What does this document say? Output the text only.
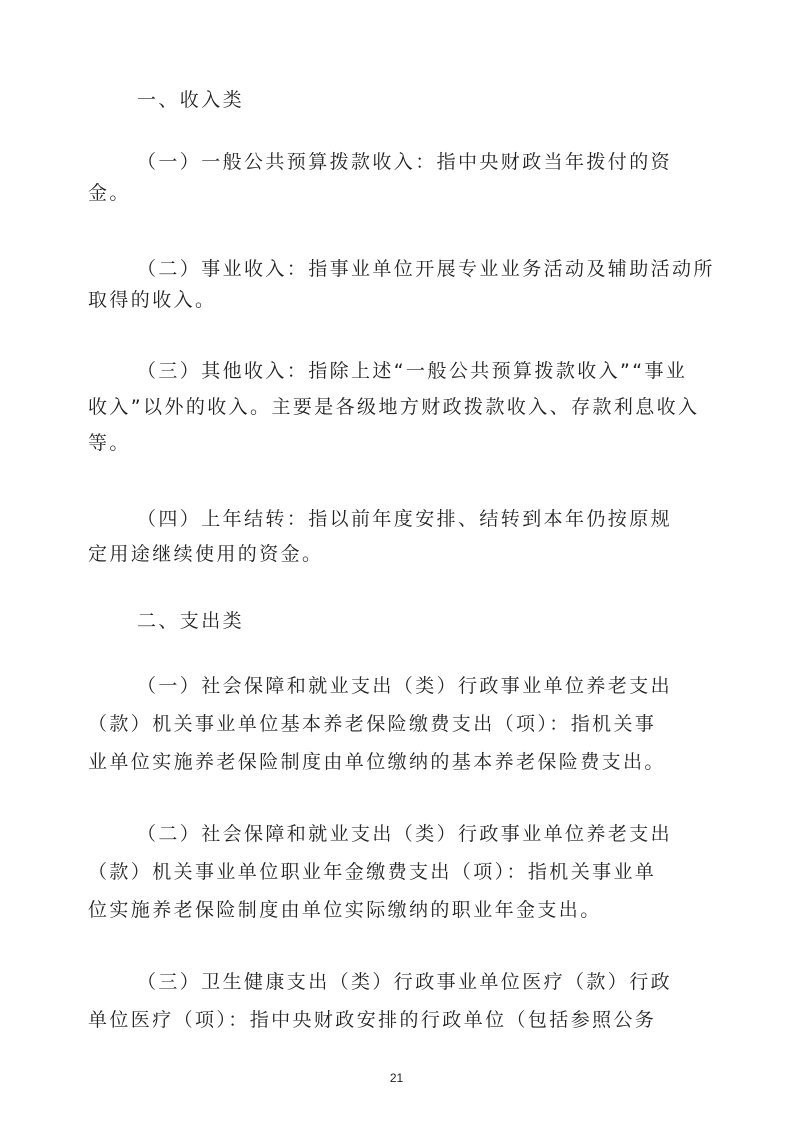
一、收入类
（一）一般公共预算拨款收入：指中央财政当年拨付的资
金。
（二）事业收入：指事业单位开展专业业务活动及辅助活动所
取得的收入。
（三）其他收入：指除上述“一般公共预算拨款收入”“事业
收入”以外的收入。主要是各级地方财政拨款收入、存款利息收入
等。
（四）上年结转：指以前年度安排、结转到本年仍按原规
定用途继续使用的资金。
二、支出类
（一）社会保障和就业支出（类）行政事业单位养老支出
（款）机关事业单位基本养老保险缴费支出（项）：指机关事
业单位实施养老保险制度由单位缴纳的基本养老保险费支出。
（二）社会保障和就业支出（类）行政事业单位养老支出
（款）机关事业单位职业年金缴费支出（项）：指机关事业单
位实施养老保险制度由单位实际缴纳的职业年金支出。
（三）卫生健康支出（类）行政事业单位医疗（款）行政
单位医疗（项）：指中央财政安排的行政单位（包括参照公务
21
